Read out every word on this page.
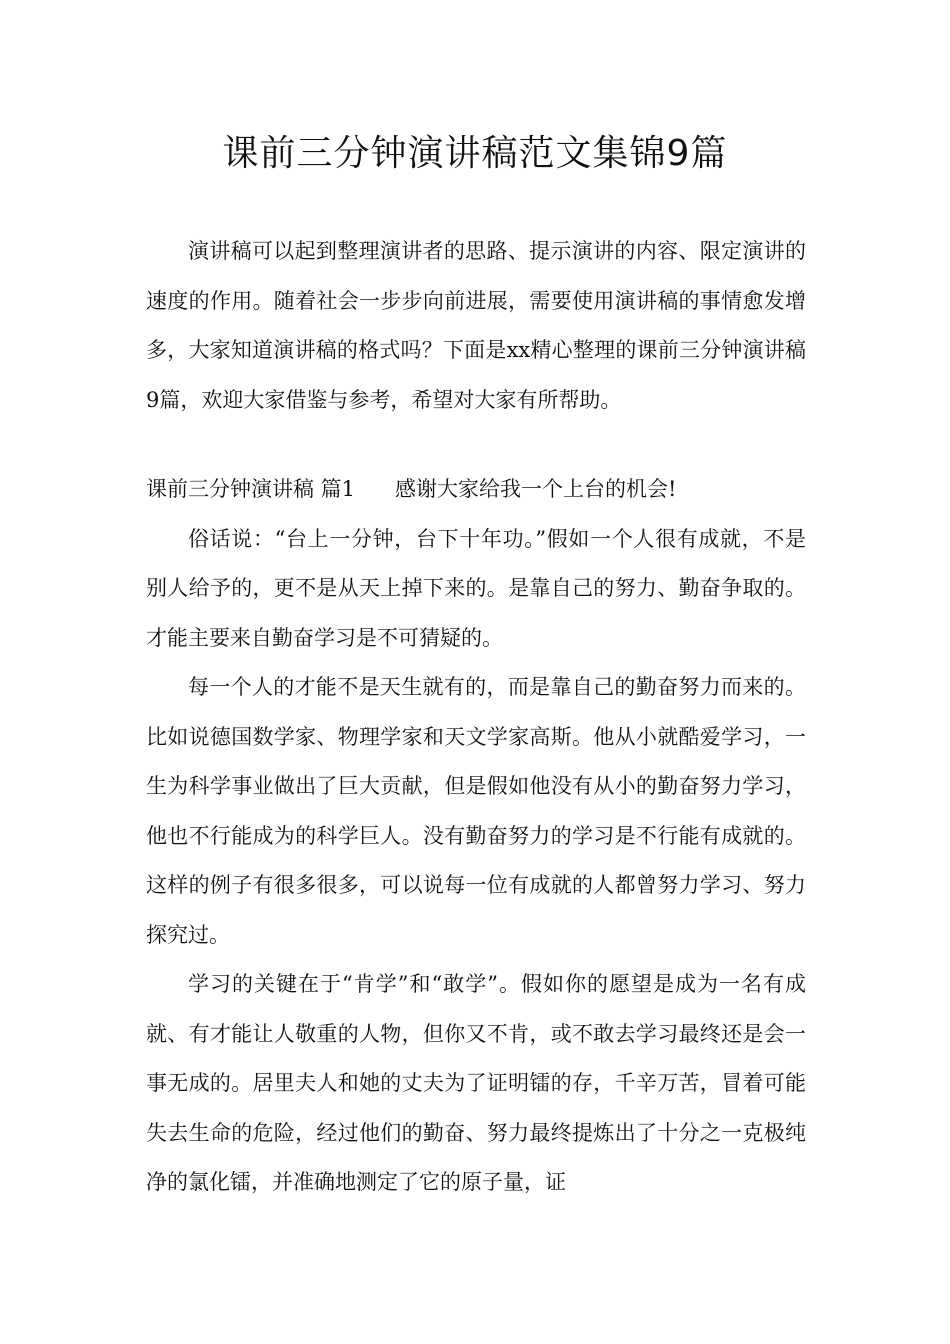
课前三分钟演讲稿范文集锦9篇

演讲稿可以起到整理演讲者的思路、提示演讲的内容、限定演讲的速度的作用。随着社会一步步向前进展，需要使用演讲稿的事情愈发增多，大家知道演讲稿的格式吗？下面是xx精心整理的课前三分钟演讲稿9篇，欢迎大家借鉴与参考，希望对大家有所帮助。

课前三分钟演讲稿 篇1 感谢大家给我一个上台的机会!

俗话说：“台上一分钟，台下十年功。”假如一个人很有成就，不是别人给予的，更不是从天上掉下来的。是靠自己的努力、勤奋争取的。才能主要来自勤奋学习是不可猜疑的。

每一个人的才能不是天生就有的，而是靠自己的勤奋努力而来的。比如说德国数学家、物理学家和天文学家高斯。他从小就酷爱学习，一生为科学事业做出了巨大贡献，但是假如他没有从小的勤奋努力学习，他也不行能成为的科学巨人。没有勤奋努力的学习是不行能有成就的。这样的例子有很多很多，可以说每一位有成就的人都曾努力学习、努力探究过。

学习的关键在于“肯学”和“敢学”。假如你的愿望是成为一名有成就、有才能让人敬重的人物，但你又不肯，或不敢去学习最终还是会一事无成的。居里夫人和她的丈夫为了证明镭的存，千辛万苦，冒着可能失去生命的危险，经过他们的勤奋、努力最终提炼出了十分之一克极纯净的氯化镭，并准确地测定了它的原子量，证
